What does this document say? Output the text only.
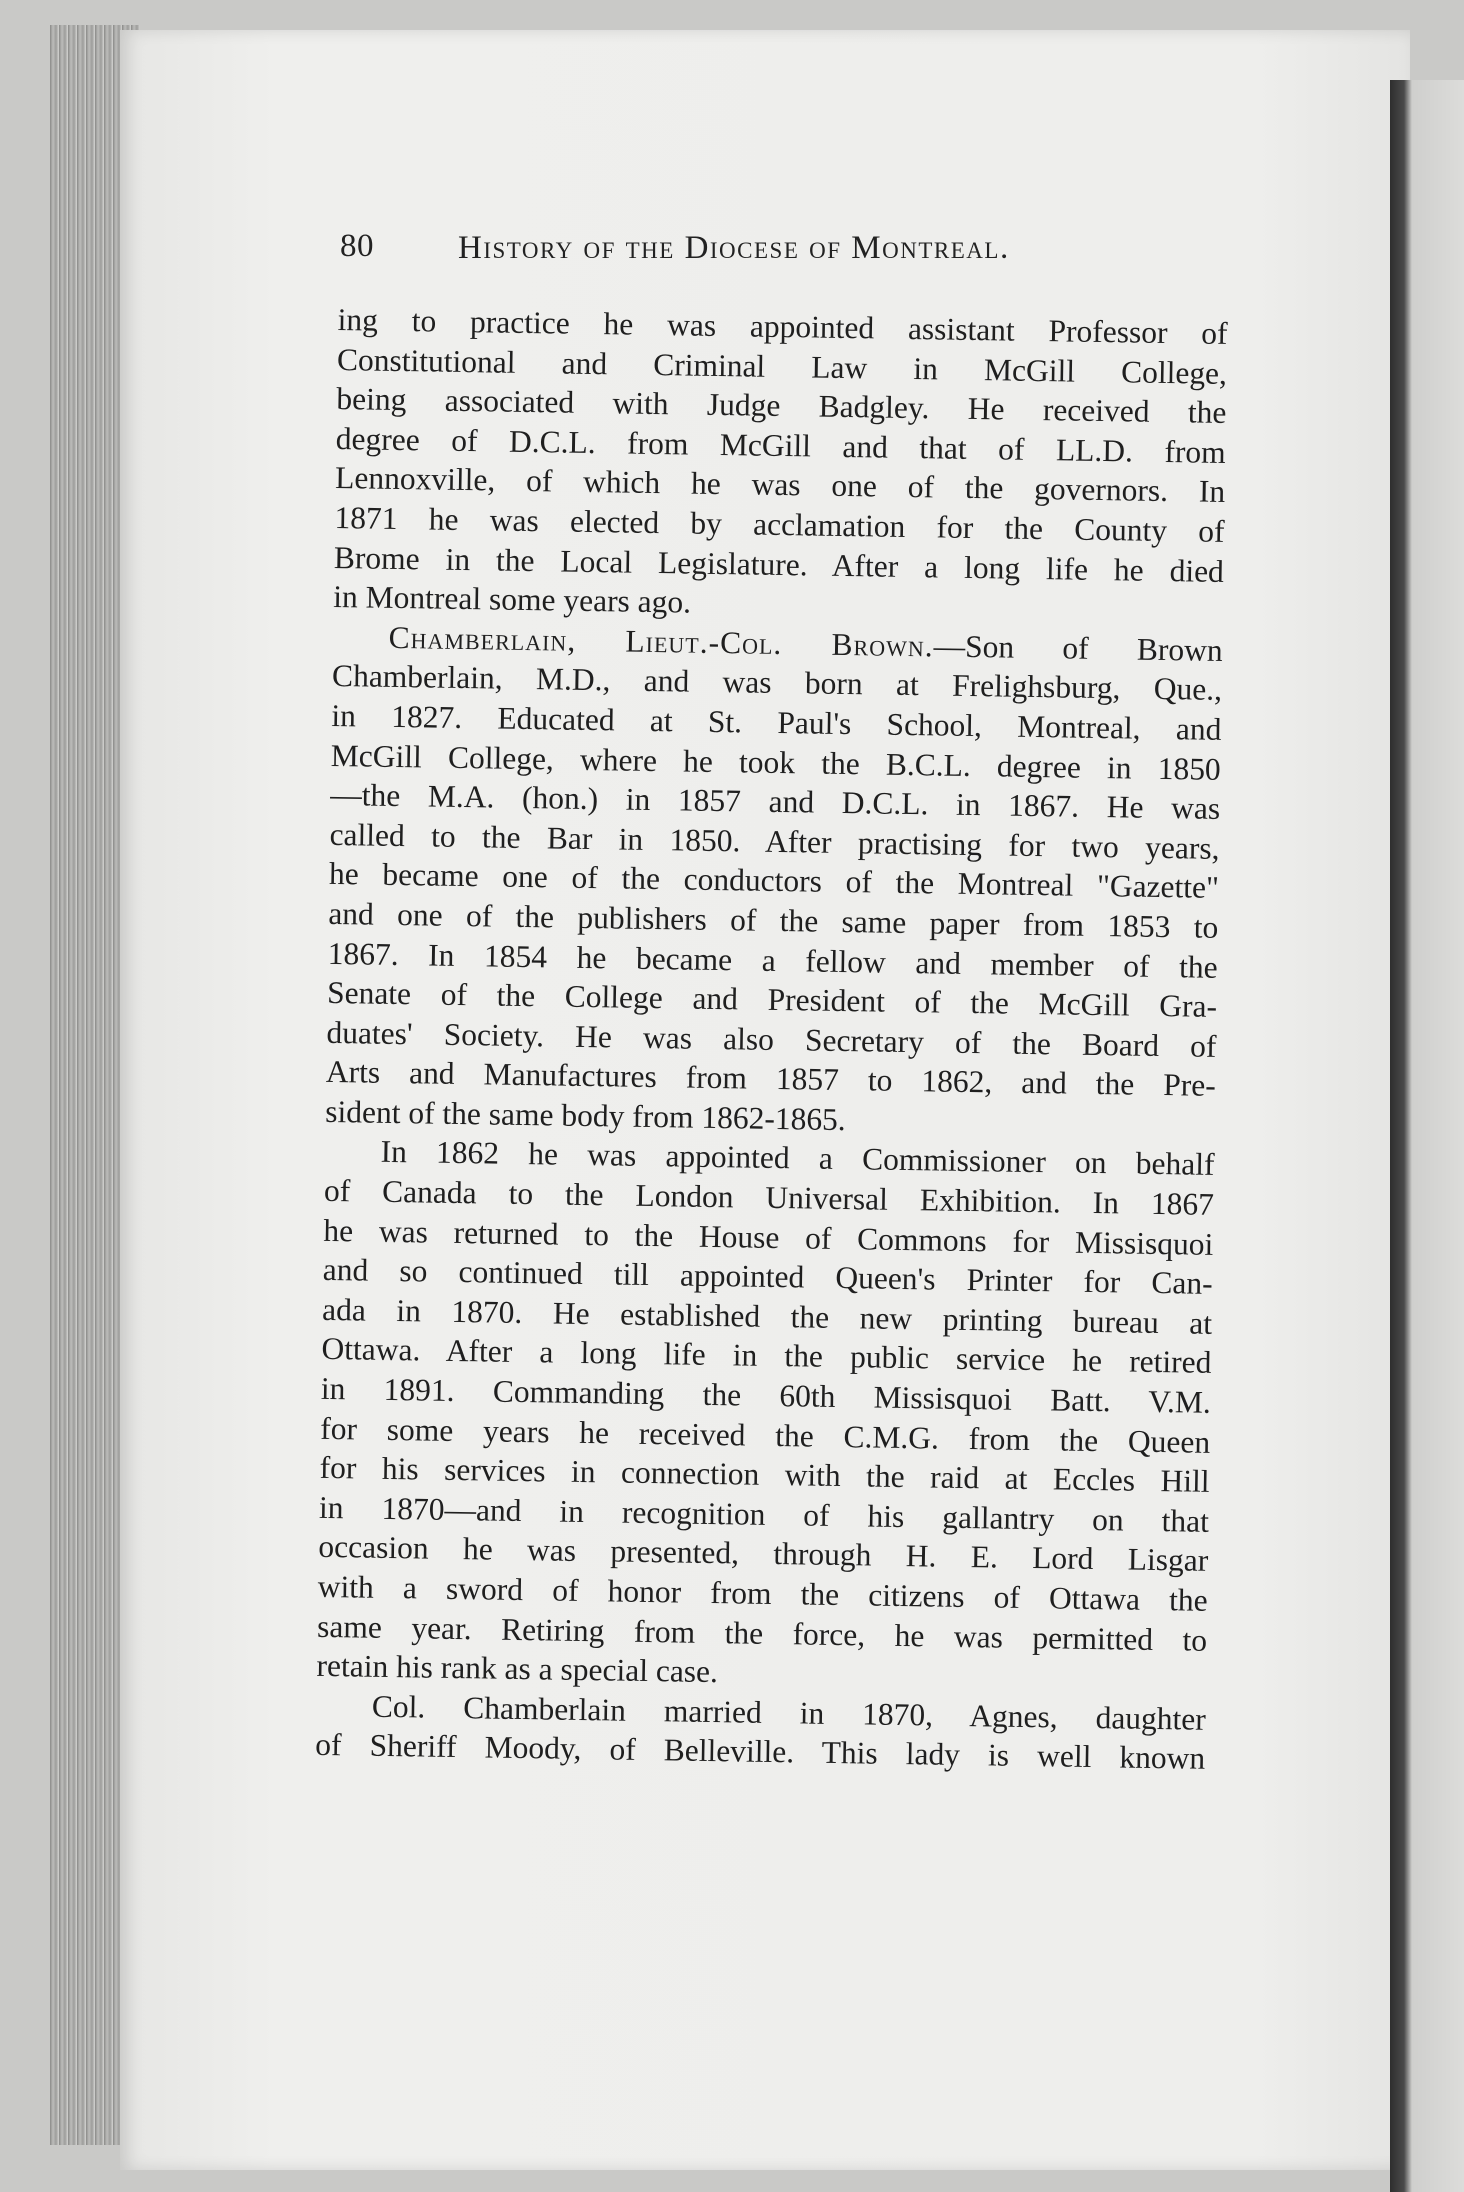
80	History of the Diocese of Montreal.
ing to practice he was appointed assistant Professor of
Constitutional and Criminal Law in McGill College,
being associated with Judge Badgley. He received the
degree of D.C.L. from McGill and that of LL.D. from
Lennoxville, of which he was one of the governors. In
1871 he was elected by acclamation for the County of
Brome in the Local Legislature. After a long life he died
in Montreal some years ago.
Chamberlain, Lieut.-Col. Brown.—Son of Brown
Chamberlain, M.D., and was born at Frelighsburg, Que.,
in 1827. Educated at St. Paul's School, Montreal, and
McGill College, where he took the B.C.L. degree in 1850
—the M.A. (hon.) in 1857 and D.C.L. in 1867. He was
called to the Bar in 1850. After practising for two years,
he became one of the conductors of the Montreal "Gazette"
and one of the publishers of the same paper from 1853 to
1867. In 1854 he became a fellow and member of the
Senate of the College and President of the McGill Gra-
duates' Society. He was also Secretary of the Board of
Arts and Manufactures from 1857 to 1862, and the Pre-
sident of the same body from 1862-1865.
In 1862 he was appointed a Commissioner on behalf
of Canada to the London Universal Exhibition. In 1867
he was returned to the House of Commons for Missisquoi
and so continued till appointed Queen's Printer for Can-
ada in 1870. He established the new printing bureau at
Ottawa. After a long life in the public service he retired
in 1891. Commanding the 60th Missisquoi Batt. V.M.
for some years he received the C.M.G. from the Queen
for his services in connection with the raid at Eccles Hill
in 1870—and in recognition of his gallantry on that
occasion he was presented, through H. E. Lord Lisgar
with a sword of honor from the citizens of Ottawa the
same year. Retiring from the force, he was permitted to
retain his rank as a special case.
Col. Chamberlain married in 1870, Agnes, daughter
of Sheriff Moody, of Belleville. This lady is well known
